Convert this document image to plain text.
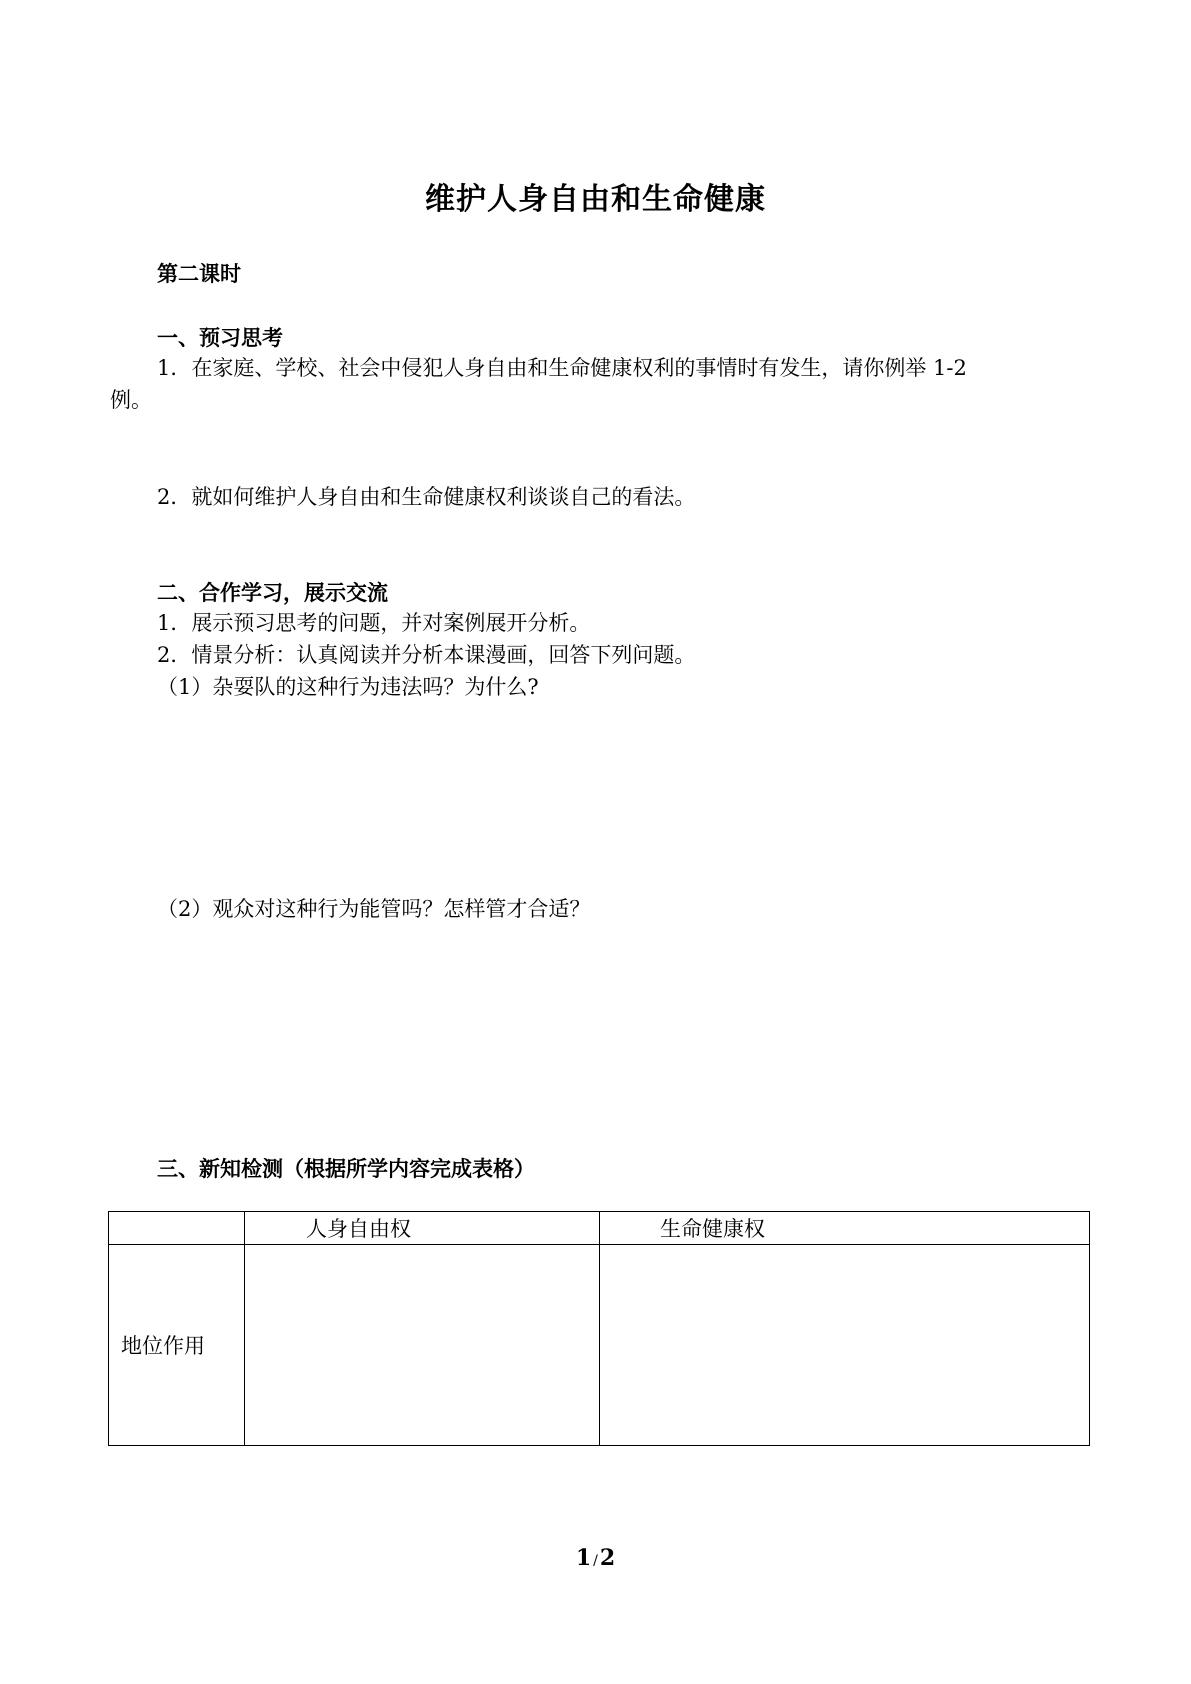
维护人身自由和生命健康
第二课时
一、预习思考
1．在家庭、学校、社会中侵犯人身自由和生命健康权利的事情时有发生，请你例举 1-2
例。
2．就如何维护人身自由和生命健康权利谈谈自己的看法。
二、合作学习，展示交流
1．展示预习思考的问题，并对案例展开分析。
2．情景分析：认真阅读并分析本课漫画，回答下列问题。
（1）杂耍队的这种行为违法吗？为什么?
（2）观众对这种行为能管吗？怎样管才合适？
三、新知检测（根据所学内容完成表格）
	人身自由权	生命健康权
地位作用		
1 /2
